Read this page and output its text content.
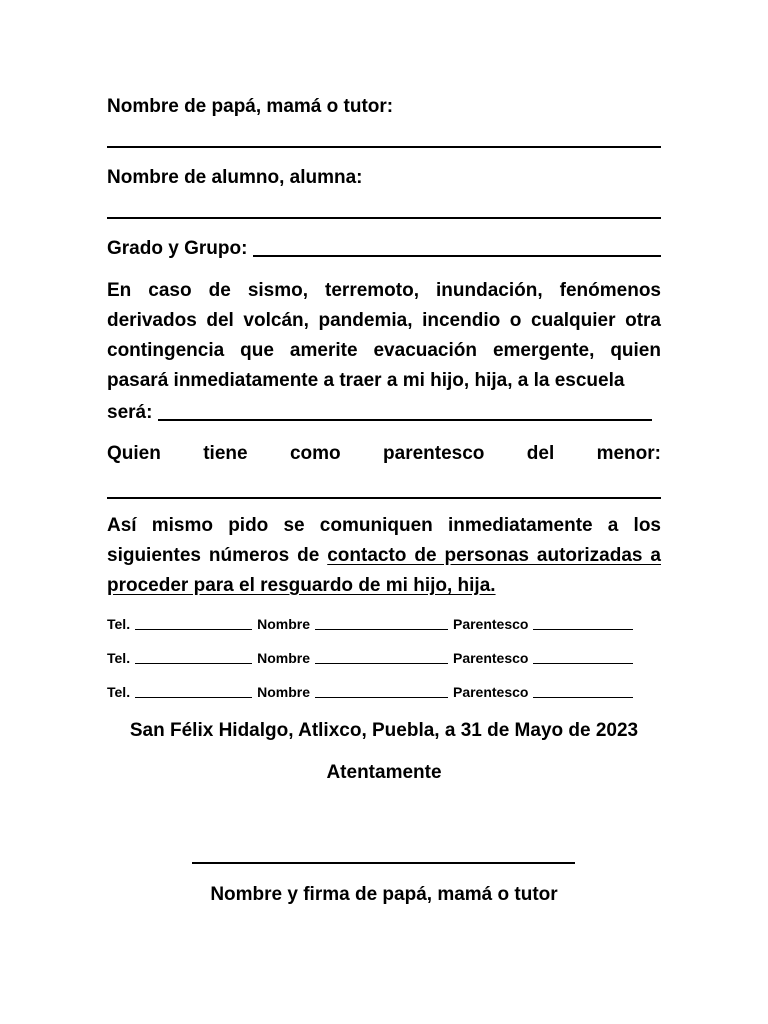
Nombre de papá, mamá o tutor:
Nombre de alumno, alumna:
Grado y Grupo:
En caso de sismo, terremoto, inundación, fenómenos derivados del volcán, pandemia, incendio o cualquier otra contingencia que amerite evacuación emergente, quien pasará inmediatamente a traer a mi hijo, hija, a la escuela
será:
Quien tiene como parentesco del menor:
Así mismo pido se comuniquen inmediatamente a los siguientes números de contacto de personas autorizadas a proceder para el resguardo de mi hijo, hija.
Tel.	Nombre	Parentesco
Tel.	Nombre	Parentesco
Tel.	Nombre	Parentesco
San Félix Hidalgo, Atlixco, Puebla, a 31 de Mayo de 2023
Atentamente
Nombre y firma de papá, mamá o tutor
